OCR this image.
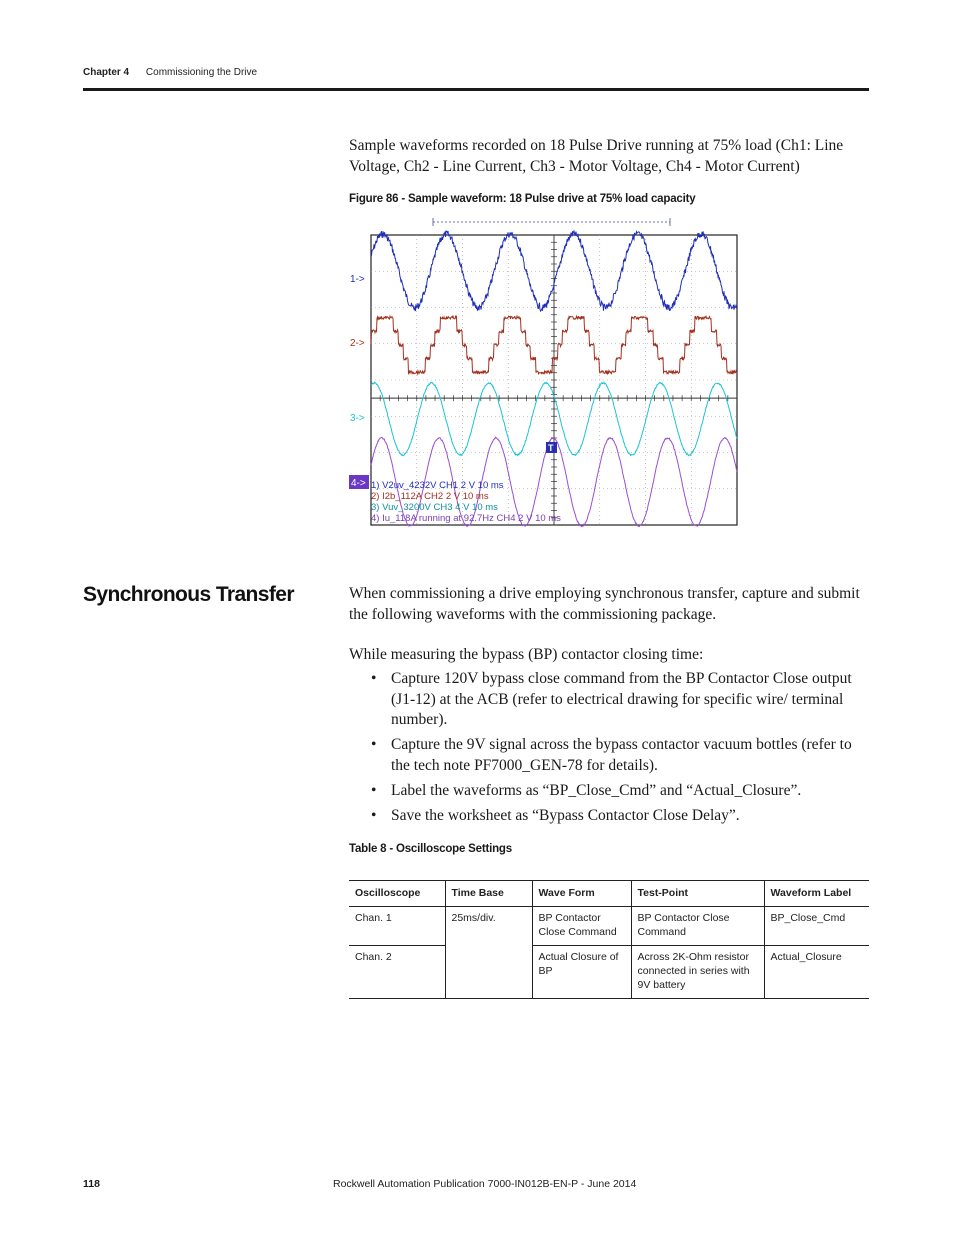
Chapter 4 Commissioning the Drive

Sample waveforms recorded on 18 Pulse Drive running at 75% load (Ch1: Line Voltage, Ch2 - Line Current, Ch3 - Motor Voltage, Ch4 - Motor Current)

Figure 86 - Sample waveform: 18 Pulse drive at 75% load capacity
1->
2->
3->
4->
T
1) V2uv_4232V CH1 2 V 10 ms
2) I2b_112A CH2 2 V 10 ms
3) Vuv_3200V CH3 4 V 10 ms
4) Iu_118A running at 92.7Hz CH4 2 V 10 ms
Synchronous Transfer	When commissioning a drive employing synchronous transfer, capture and submit the following waveforms with the commissioning package.

While measuring the bypass (BP) contactor closing time:

• Capture 120V bypass close command from the BP Contactor Close output (J1-12) at the ACB (refer to electrical drawing for specific wire/ terminal number).
• Capture the 9V signal across the bypass contactor vacuum bottles (refer to the tech note PF7000_GEN-78 for details).
• Label the waveforms as “BP_Close_Cmd” and “Actual_Closure”.
• Save the worksheet as “Bypass Contactor Close Delay”.
Table 8 - Oscilloscope Settings
Oscilloscope	Time Base	Wave Form	Test-Point	Waveform Label
Chan. 1	25ms/div.	BP Contactor Close Command	BP Contactor Close Command	BP_Close_Cmd
Chan. 2		Actual Closure of BP	Across 2K-Ohm resistor connected in series with 9V battery	Actual_Closure
118	Rockwell Automation Publication 7000-IN012B-EN-P - June 2014
